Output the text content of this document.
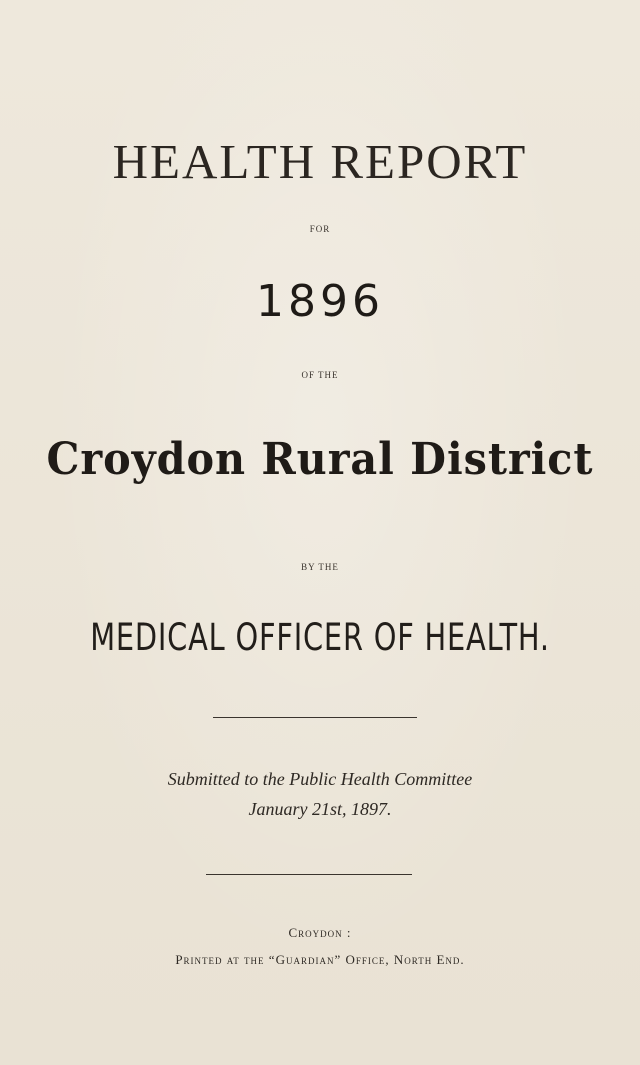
HEALTH REPORT
FOR
1896
OF THE
Croydon Rural District
BY THE
MEDICAL OFFICER OF HEALTH.
Submitted to the Public Health Committee
January 21st, 1897.
Croydon :
Printed at the “Guardian” Office, North End.
